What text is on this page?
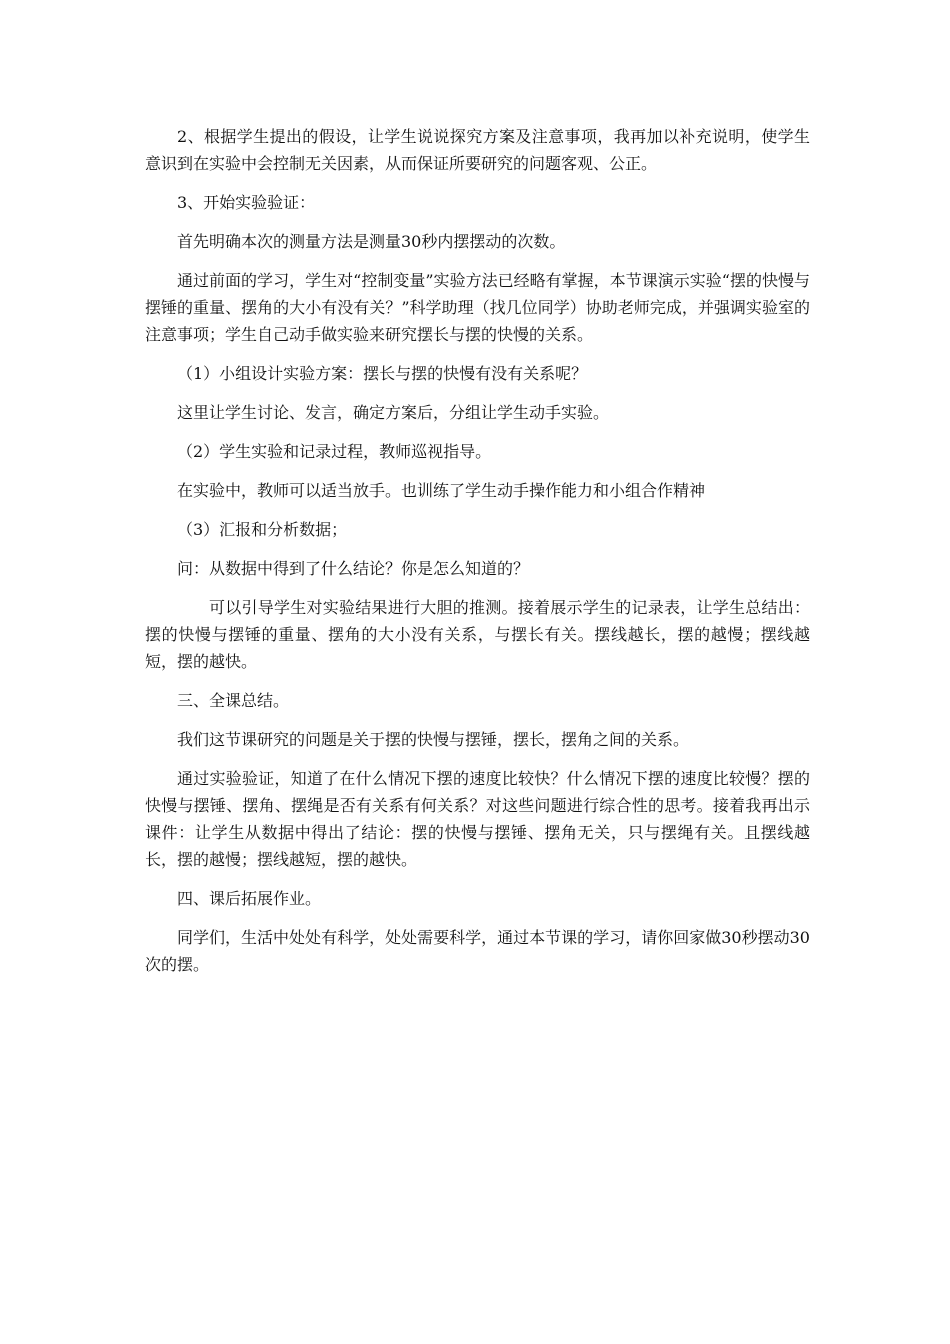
2、根据学生提出的假设，让学生说说探究方案及注意事项，我再加以补充说明，使学生意识到在实验中会控制无关因素，从而保证所要研究的问题客观、公正。

3、开始实验验证：

首先明确本次的测量方法是测量30秒内摆摆动的次数。

通过前面的学习，学生对“控制变量”实验方法已经略有掌握，本节课演示实验“摆的快慢与摆锤的重量、摆角的大小有没有关？”科学助理（找几位同学）协助老师完成，并强调实验室的注意事项；学生自己动手做实验来研究摆长与摆的快慢的关系。

（1）小组设计实验方案：摆长与摆的快慢有没有关系呢？

这里让学生讨论、发言，确定方案后，分组让学生动手实验。

（2）学生实验和记录过程，教师巡视指导。

在实验中，教师可以适当放手。也训练了学生动手操作能力和小组合作精神

（3）汇报和分析数据；

问：从数据中得到了什么结论？你是怎么知道的？

可以引导学生对实验结果进行大胆的推测。接着展示学生的记录表，让学生总结出：摆的快慢与摆锤的重量、摆角的大小没有关系，与摆长有关。摆线越长，摆的越慢；摆线越短，摆的越快。

三、全课总结。

我们这节课研究的问题是关于摆的快慢与摆锤，摆长，摆角之间的关系。

通过实验验证，知道了在什么情况下摆的速度比较快？什么情况下摆的速度比较慢？摆的快慢与摆锤、摆角、摆绳是否有关系有何关系？对这些问题进行综合性的思考。接着我再出示课件：让学生从数据中得出了结论：摆的快慢与摆锤、摆角无关，只与摆绳有关。且摆线越长，摆的越慢；摆线越短，摆的越快。

四、课后拓展作业。

同学们，生活中处处有科学，处处需要科学，通过本节课的学习，请你回家做30秒摆动30次的摆。
